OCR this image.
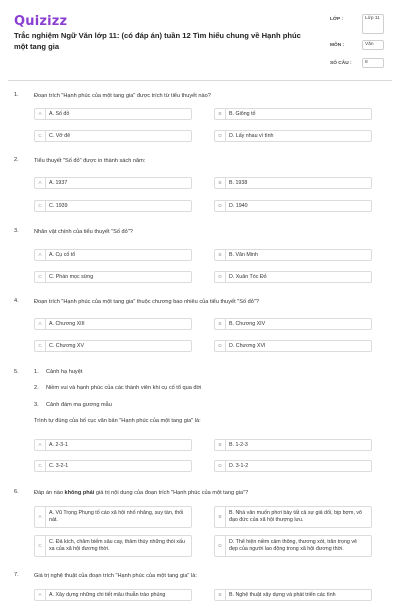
Quizizz
Trắc nghiệm Ngữ Văn lớp 11: (có đáp án) tuần 12 Tìm hiểu chung về Hạnh phúc một tang gia
LỚP :	Lớp 11
MÔN :	Văn
SỐ CÂU :	8
1.	Đoạn trích "Hạnh phúc của một tang gia" được trích từ tiểu thuyết nào?
A	A. Số đỏ	B	B. Giông tố
C	C. Vỡ đê	D	D. Lấy nhau vì tình
2.	Tiểu thuyết "Số đỏ" được in thành sách năm:
A	A. 1937	B	B. 1938
C	C. 1939	D	D. 1940
3.	Nhân vật chính của tiểu thuyết "Số đỏ"?
A	A. Cụ cố tổ	B	B. Văn Minh
C	C. Phán mọc sừng	D	D. Xuân Tóc Đỏ
4.	Đoạn trích "Hạnh phúc của một tang gia" thuộc chương bao nhiêu của tiểu thuyết "Số đỏ"?
A	A. Chương XIII	B	B. Chương XIV
C	C. Chương XV	D	D. Chương XVI
5.	1. Cảnh hạ huyệt
2. Niềm vui và hạnh phúc của các thành viên khi cụ cố tổ qua đời
3. Cảnh đám ma gương mẫu
Trình tự đúng của bố cục văn bản "Hạnh phúc của một tang gia" là:
A	A. 2-3-1	B	B. 1-2-3
C	C. 3-2-1	D	D. 3-1-2
6.	Đáp án nào không phải giá trị nội dung của đoạn trích "Hạnh phúc của một tang gia"?
A
A. Vũ Trọng Phụng tố cáo xã hội nhố nhăng, suy tàn, thối nát.
B
B. Nhà văn muốn phơi bày tất cả sự giả dối, bịp bợm, vô đạo đức của xã hội thượng lưu.
C
C. Đả kích, châm biếm sâu cay, thâm thúy những thói xấu xa của xã hội đương thời.
D
D. Thể hiện niềm cảm thông, thương xót, trân trọng vẻ đẹp của người lao động trong xã hội đương thời.
7.	Giá trị nghệ thuật của đoạn trích "Hạnh phúc của một tang gia" là:
A	A. Xây dựng những chi tiết mâu thuẫn trào phúng	B	B. Nghệ thuật xây dựng và phát triển các tình
